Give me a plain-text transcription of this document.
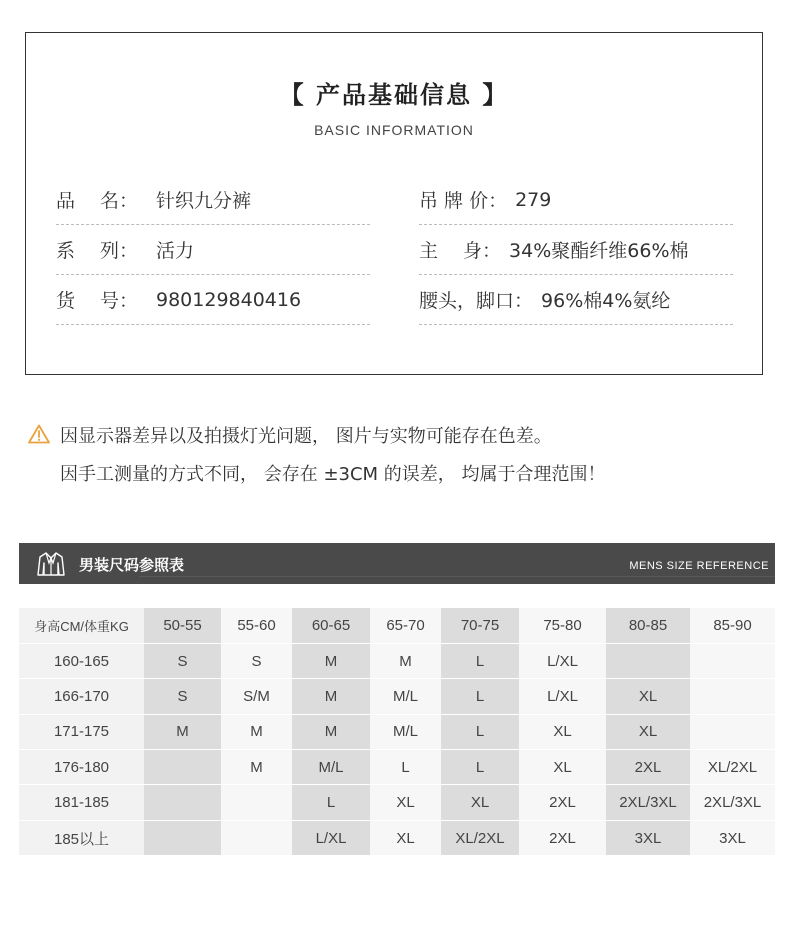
【 产品基础信息 】
BASIC INFORMATION
品　 名： 针织九分裤
系　 列： 活力
货　 号： 980129840416
吊 牌 价： 279
主　 身： 34%聚酯纤维66%棉
腰头，脚口： 96%棉4%氨纶
因显示器差异以及拍摄灯光问题， 图片与实物可能存在色差。
因手工测量的方式不同， 会存在 ±3CM 的误差， 均属于合理范围！
男装尺码参照表	MENS SIZE REFERENCE
身高CM/体重KG	50-55	55-60	60-65	65-70	70-75	75-80	80-85	85-90
160-165	S	S	M	M	L	L/XL		
166-170	S	S/M	M	M/L	L	L/XL	XL	
171-175	M	M	M	M/L	L	XL	XL	
176-180		M	M/L	L	L	XL	2XL	XL/2XL
181-185			L	XL	XL	2XL	2XL/3XL	2XL/3XL
185以上			L/XL	XL	XL/2XL	2XL	3XL	3XL
